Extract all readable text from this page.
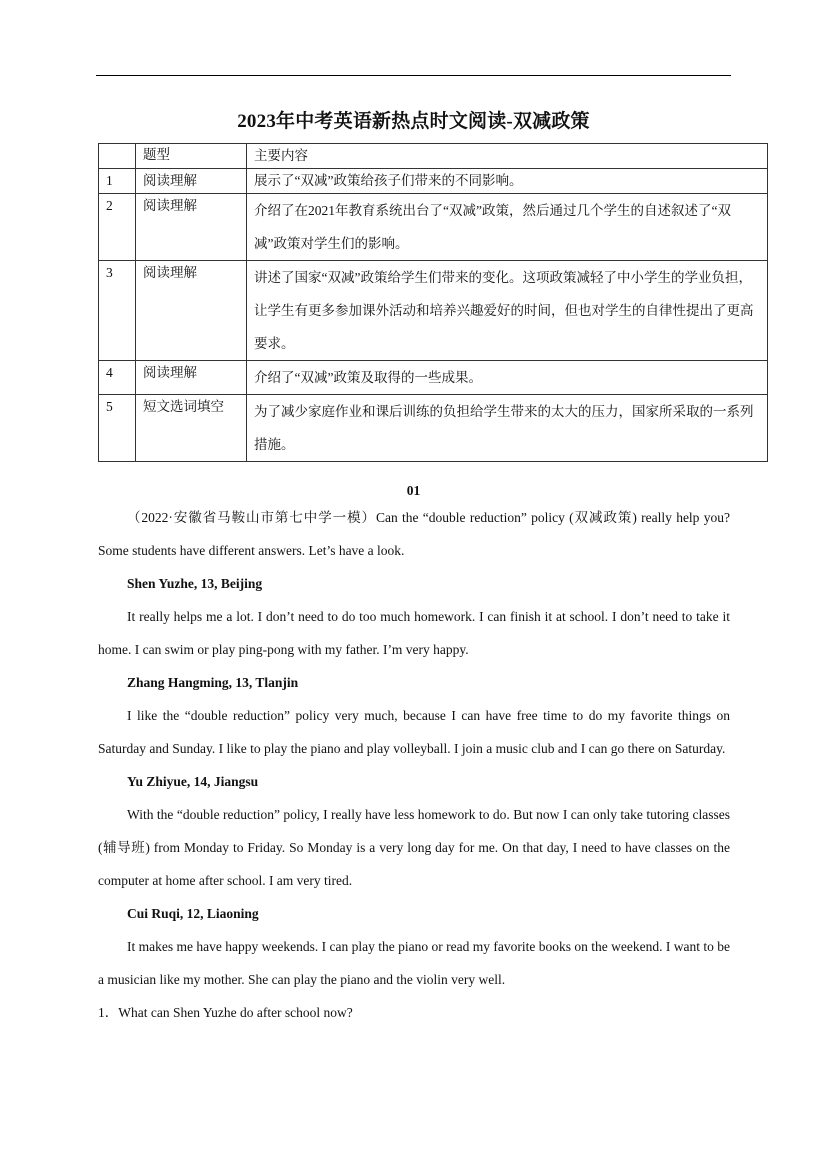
2023年中考英语新热点时文阅读-双减政策
	题型	主要内容
1	阅读理解	展示了“双减”政策给孩子们带来的不同影响。
2	阅读理解	介绍了在2021年教育系统出台了“双减”政策，然后通过几个学生的自述叙述了“双减”政策对学生们的影响。
3	阅读理解	讲述了国家“双减”政策给学生们带来的变化。这项政策减轻了中小学生的学业负担，让学生有更多参加课外活动和培养兴趣爱好的时间，但也对学生的自律性提出了更高要求。
4	阅读理解	介绍了“双减”政策及取得的一些成果。
5	短文选词填空	为了减少家庭作业和课后训练的负担给学生带来的太大的压力，国家所采取的一系列措施。
01

（2022·安徽省马鞍山市第七中学一模）Can the “double reduction” policy (双减政策) really help you? Some students have different answers. Let’s have a look.

Shen Yuzhe, 13, Beijing

It really helps me a lot. I don’t need to do too much homework. I can finish it at school. I don’t need to take it home. I can swim or play ping-pong with my father. I’m very happy.

Zhang Hangming, 13, Tlanjin

I like the “double reduction” policy very much, because I can have free time to do my favorite things on Saturday and Sunday. I like to play the piano and play volleyball. I join a music club and I can go there on Saturday.

Yu Zhiyue, 14, Jiangsu

With the “double reduction” policy, I really have less homework to do. But now I can only take tutoring classes (辅导班) from Monday to Friday. So Monday is a very long day for me. On that day, I need to have classes on the computer at home after school. I am very tired.

Cui Ruqi, 12, Liaoning

It makes me have happy weekends. I can play the piano or read my favorite books on the weekend. I want to be a musician like my mother. She can play the piano and the violin very well.

1．What can Shen Yuzhe do after school now?
